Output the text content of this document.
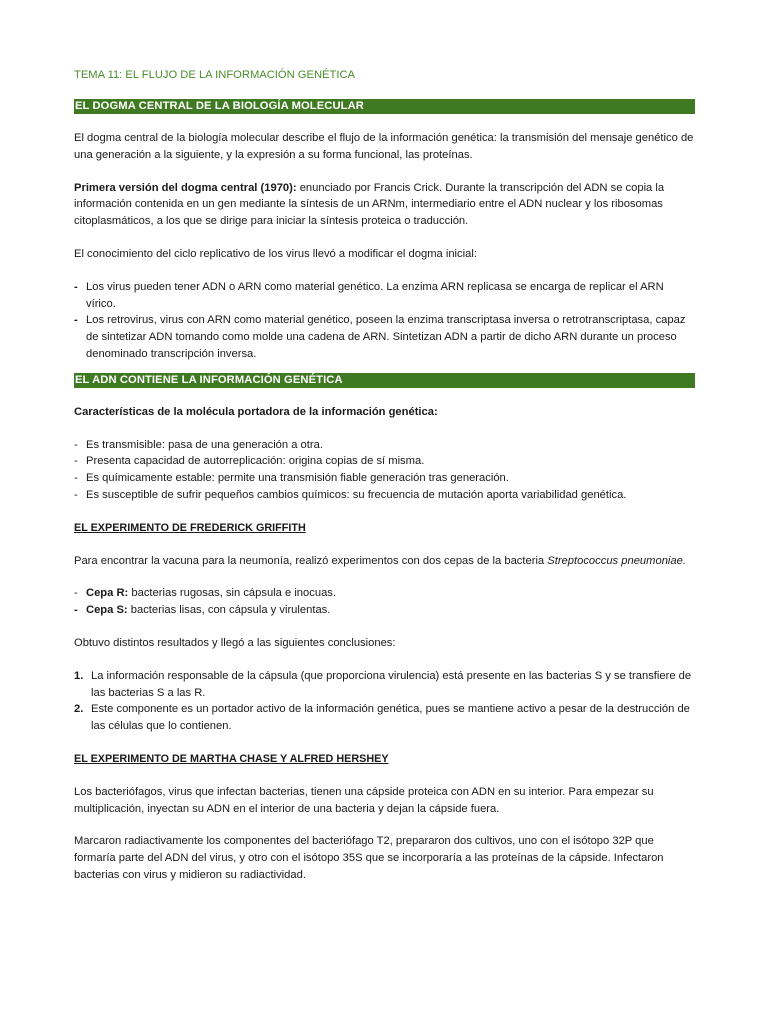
TEMA 11: EL FLUJO DE LA INFORMACIÓN GENÉTICA

EL DOGMA CENTRAL DE LA BIOLOGÍA MOLECULAR

El dogma central de la biología molecular describe el flujo de la información genética: la transmisión del mensaje genético de una generación a la siguiente, y la expresión a su forma funcional, las proteínas.

Primera versión del dogma central (1970): enunciado por Francis Crick. Durante la transcripción del ADN se copia la información contenida en un gen mediante la síntesis de un ARNm, intermediario entre el ADN nuclear y los ribosomas citoplasmáticos, a los que se dirige para iniciar la síntesis proteica o traducción.

El conocimiento del ciclo replicativo de los virus llevó a modificar el dogma inicial:

- Los virus pueden tener ADN o ARN como material genético. La enzima ARN replicasa se encarga de replicar el ARN vírico.
- Los retrovirus, virus con ARN como material genético, poseen la enzima transcriptasa inversa o retrotranscriptasa, capaz de sintetizar ADN tomando como molde una cadena de ARN. Sintetizan ADN a partir de dicho ARN durante un proceso denominado transcripción inversa.
EL ADN CONTIENE LA INFORMACIÓN GENÉTICA

Características de la molécula portadora de la información genética:

- Es transmisible: pasa de una generación a otra.
- Presenta capacidad de autorreplicación: origina copias de sí misma.
- Es químicamente estable: permite una transmisión fiable generación tras generación.
- Es susceptible de sufrir pequeños cambios químicos: su frecuencia de mutación aporta variabilidad genética.

EL EXPERIMENTO DE FREDERICK GRIFFITH

Para encontrar la vacuna para la neumonía, realizó experimentos con dos cepas de la bacteria Streptococcus pneumoniae.

- Cepa R: bacterias rugosas, sin cápsula e inocuas.
- Cepa S: bacterias lisas, con cápsula y virulentas.

Obtuvo distintos resultados y llegó a las siguientes conclusiones:

1. La información responsable de la cápsula (que proporciona virulencia) está presente en las bacterias S y se transfiere de las bacterias S a las R.
2. Este componente es un portador activo de la información genética, pues se mantiene activo a pesar de la destrucción de las células que lo contienen.

EL EXPERIMENTO DE MARTHA CHASE Y ALFRED HERSHEY

Los bacteriófagos, virus que infectan bacterias, tienen una cápside proteica con ADN en su interior. Para empezar su multiplicación, inyectan su ADN en el interior de una bacteria y dejan la cápside fuera.

Marcaron radiactivamente los componentes del bacteriófago T2, prepararon dos cultivos, uno con el isótopo 32P que formaría parte del ADN del virus, y otro con el isótopo 35S que se incorporaría a las proteínas de la cápside. Infectaron bacterias con virus y midieron su radiactividad.
